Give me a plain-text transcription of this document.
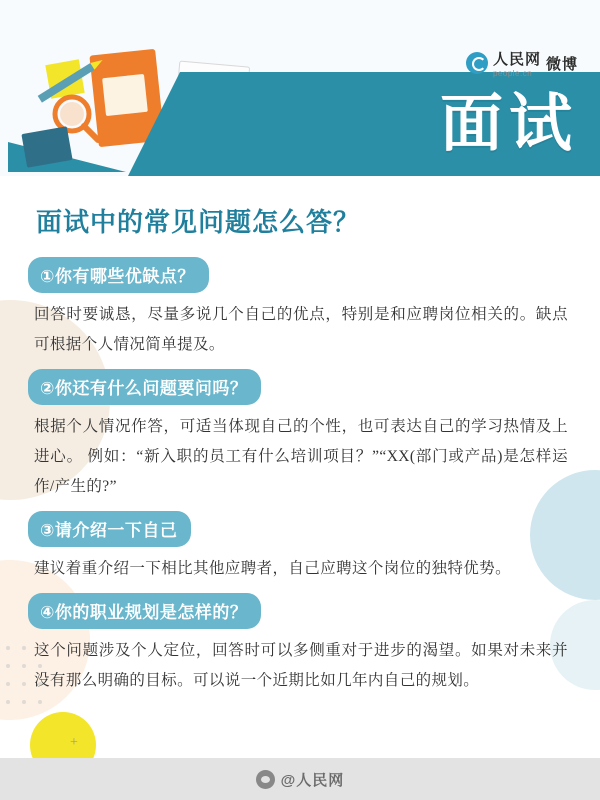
+
面试
人民网
people.cn
微博
面试中的常见问题怎么答？
①你有哪些优缺点？
回答时要诚恳，尽量多说几个自己的优点，特别是和应聘岗位相关的。缺点可根据个人情况简单提及。
②你还有什么问题要问吗？
根据个人情况作答，可适当体现自己的个性，也可表达自己的学习热情及上进心。 例如：“新入职的员工有什么培训项目？”“XX(部门或产品)是怎样运作/产生的?”
③请介绍一下自己
建议着重介绍一下相比其他应聘者，自己应聘这个岗位的独特优势。
④你的职业规划是怎样的？
这个问题涉及个人定位，回答时可以多侧重对于进步的渴望。如果对未来并没有那么明确的目标。可以说一个近期比如几年内自己的规划。
@人民网
